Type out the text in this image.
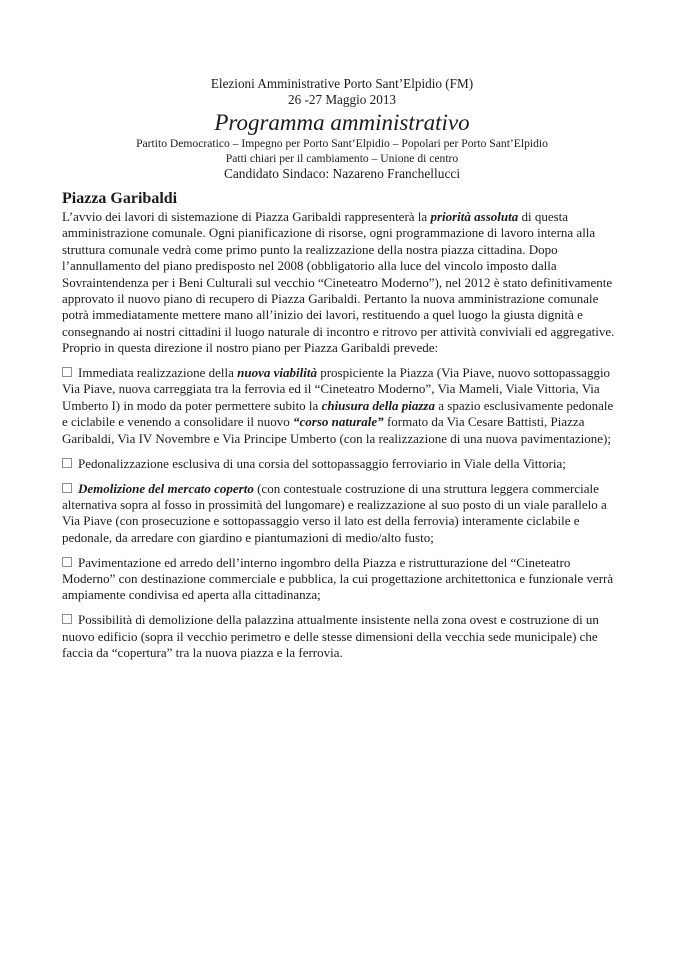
Elezioni Amministrative Porto Sant’Elpidio (FM)
26 -27 Maggio 2013
Programma amministrativo
Partito Democratico – Impegno per Porto Sant’Elpidio – Popolari per Porto Sant’Elpidio
Patti chiari per il cambiamento – Unione di centro
Candidato Sindaco: Nazareno Franchellucci
Piazza Garibaldi

L’avvio dei lavori di sistemazione di Piazza Garibaldi rappresenterà la priorità assoluta di questa amministrazione comunale. Ogni pianificazione di risorse, ogni programmazione di lavoro interna alla struttura comunale vedrà come primo punto la realizzazione della nostra piazza cittadina. Dopo l’annullamento del piano predisposto nel 2008 (obbligatorio alla luce del vincolo imposto dalla Sovraintendenza per i Beni Culturali sul vecchio “Cineteatro Moderno”), nel 2012 è stato definitivamente approvato il nuovo piano di recupero di Piazza Garibaldi. Pertanto la nuova amministrazione comunale potrà immediatamente mettere mano all’inizio dei lavori, restituendo a quel luogo la giusta dignità e consegnando ai nostri cittadini il luogo naturale di incontro e ritrovo per attività conviviali ed aggregative. Proprio in questa direzione il nostro piano per Piazza Garibaldi prevede:

Immediata realizzazione della nuova viabilità prospiciente la Piazza (Via Piave, nuovo sottopassaggio Via Piave, nuova carreggiata tra la ferrovia ed il “Cineteatro Moderno”, Via Mameli, Viale Vittoria, Via Umberto I) in modo da poter permettere subito la chiusura della piazza a spazio esclusivamente pedonale e ciclabile e venendo a consolidare il nuovo “corso naturale” formato da Via Cesare Battisti, Piazza Garibaldi, Via IV Novembre e Via Principe Umberto (con la realizzazione di una nuova pavimentazione);

Pedonalizzazione esclusiva di una corsia del sottopassaggio ferroviario in Viale della Vittoria;

Demolizione del mercato coperto (con contestuale costruzione di una struttura leggera commerciale alternativa sopra al fosso in prossimità del lungomare) e realizzazione al suo posto di un viale parallelo a Via Piave (con prosecuzione e sottopassaggio verso il lato est della ferrovia) interamente ciclabile e pedonale, da arredare con giardino e piantumazioni di medio/alto fusto;

Pavimentazione ed arredo dell’interno ingombro della Piazza e ristrutturazione del “Cineteatro Moderno” con destinazione commerciale e pubblica, la cui progettazione architettonica e funzionale verrà ampiamente condivisa ed aperta alla cittadinanza;

Possibilità di demolizione della palazzina attualmente insistente nella zona ovest e costruzione di un nuovo edificio (sopra il vecchio perimetro e delle stesse dimensioni della vecchia sede municipale) che faccia da “copertura” tra la nuova piazza e la ferrovia.
